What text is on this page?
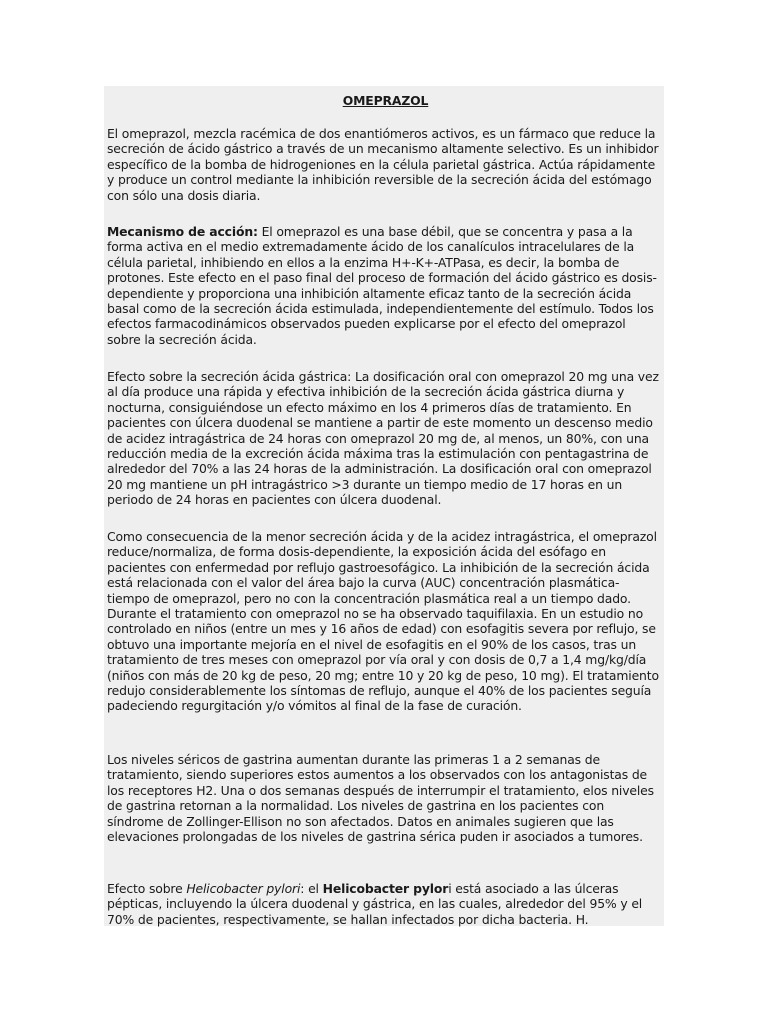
OMEPRAZOL

El omeprazol, mezcla racémica de dos enantiómeros activos, es un fármaco que reduce la secreción de ácido gástrico a través de un mecanismo altamente selectivo. Es un inhibidor específico de la bomba de hidrogeniones en la célula parietal gástrica. Actúa rápidamente y produce un control mediante la inhibición reversible de la secreción ácida del estómago con sólo una dosis diaria.

Mecanismo de acción: El omeprazol es una base débil, que se concentra y pasa a la forma activa en el medio extremadamente ácido de los canalículos intracelulares de la célula parietal, inhibiendo en ellos a la enzima H+-K+-ATPasa, es decir, la bomba de protones. Este efecto en el paso final del proceso de formación del ácido gástrico es dosis-dependiente y proporciona una inhibición altamente eficaz tanto de la secreción ácida basal como de la secreción ácida estimulada, independientemente del estímulo. Todos los efectos farmacodinámicos observados pueden explicarse por el efecto del omeprazol sobre la secreción ácida.

Efecto sobre la secreción ácida gástrica: La dosificación oral con omeprazol 20 mg una vez al día produce una rápida y efectiva inhibición de la secreción ácida gástrica diurna y nocturna, consiguiéndose un efecto máximo en los 4 primeros días de tratamiento. En pacientes con úlcera duodenal se mantiene a partir de este momento un descenso medio de acidez intragástrica de 24 horas con omeprazol 20 mg de, al menos, un 80%, con una reducción media de la excreción ácida máxima tras la estimulación con pentagastrina de alrededor del 70% a las 24 horas de la administración. La dosificación oral con omeprazol 20 mg mantiene un pH intragástrico >3 durante un tiempo medio de 17 horas en un periodo de 24 horas en pacientes con úlcera duodenal.

Como consecuencia de la menor secreción ácida y de la acidez intragástrica, el omeprazol reduce/normaliza, de forma dosis-dependiente, la exposición ácida del esófago en pacientes con enfermedad por reflujo gastroesofágico. La inhibición de la secreción ácida está relacionada con el valor del área bajo la curva (AUC) concentración plasmática-tiempo de omeprazol, pero no con la concentración plasmática real a un tiempo dado. Durante el tratamiento con omeprazol no se ha observado taquifilaxia. En un estudio no controlado en niños (entre un mes y 16 años de edad) con esofagitis severa por reflujo, se obtuvo una importante mejoría en el nivel de esofagitis en el 90% de los casos, tras un tratamiento de tres meses con omeprazol por vía oral y con dosis de 0,7 a 1,4 mg/kg/día (niños con más de 20 kg de peso, 20 mg; entre 10 y 20 kg de peso, 10 mg). El tratamiento redujo considerablemente los síntomas de reflujo, aunque el 40% de los pacientes seguía padeciendo regurgitación y/o vómitos al final de la fase de curación.

Los niveles séricos de gastrina aumentan durante las primeras 1 a 2 semanas de tratamiento, siendo superiores estos aumentos a los observados con los antagonistas de los receptores H2. Una o dos semanas después de interrumpir el tratamiento, elos niveles de gastrina retornan a la normalidad. Los niveles de gastrina en los pacientes con síndrome de Zollinger-Ellison no son afectados. Datos en animales sugieren que las elevaciones prolongadas de los niveles de gastrina sérica puden ir asociados a tumores.

Efecto sobre Helicobacter pylori: el Helicobacter pylori está asociado a las úlceras pépticas, incluyendo la úlcera duodenal y gástrica, en las cuales, alrededor del 95% y el 70% de pacientes, respectivamente, se hallan infectados por dicha bacteria. H.
